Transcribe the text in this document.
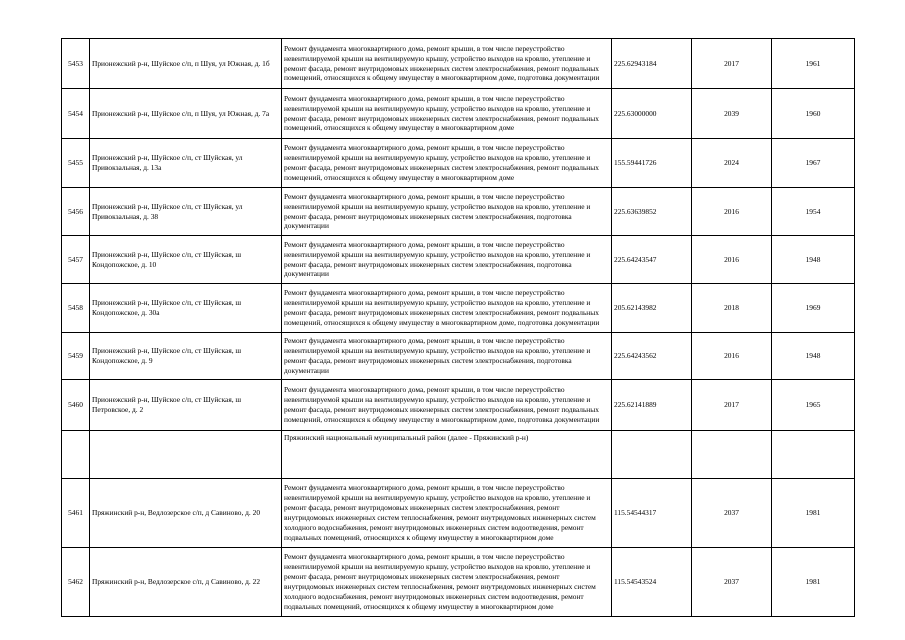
5453	Прионежский р-н, Шуйское с/п, п Шуя, ул Южная, д. 1б	Ремонт фундамента многоквартирного дома, ремонт крыши, в том числе переустройство невентилируемой крыши на вентилируемую крышу, устройство выходов на кровлю, утепление и ремонт фасада, ремонт внутридомовых инженерных систем электроснабжения, ремонт подвальных помещений, относящихся к общему имуществу в многоквартирном доме, подготовка документации	225.62943184	2017	1961
5454	Прионежский р-н, Шуйское с/п, п Шуя, ул Южная, д. 7а	Ремонт фундамента многоквартирного дома, ремонт крыши, в том числе переустройство невентилируемой крыши на вентилируемую крышу, устройство выходов на кровлю, утепление и ремонт фасада, ремонт внутридомовых инженерных систем электроснабжения, ремонт подвальных помещений, относящихся к общему имуществу в многоквартирном доме	225.63000000	2039	1960
5455	Прионежский р-н, Шуйское с/п, ст Шуйская, ул Привокзальная, д. 13а	Ремонт фундамента многоквартирного дома, ремонт крыши, в том числе переустройство невентилируемой крыши на вентилируемую крышу, устройство выходов на кровлю, утепление и ремонт фасада, ремонт внутридомовых инженерных систем электроснабжения, ремонт подвальных помещений, относящихся к общему имуществу в многоквартирном доме	155.59441726	2024	1967
5456	Прионежский р-н, Шуйское с/п, ст Шуйская, ул Привокзальная, д. 38	Ремонт фундамента многоквартирного дома, ремонт крыши, в том числе переустройство невентилируемой крыши на вентилируемую крышу, устройство выходов на кровлю, утепление и ремонт фасада, ремонт внутридомовых инженерных систем электроснабжения, подготовка документации	225.63639852	2016	1954
5457	Прионежский р-н, Шуйское с/п, ст Шуйская, ш Кондопожское, д. 10	Ремонт фундамента многоквартирного дома, ремонт крыши, в том числе переустройство невентилируемой крыши на вентилируемую крышу, устройство выходов на кровлю, утепление и ремонт фасада, ремонт внутридомовых инженерных систем электроснабжения, подготовка документации	225.64243547	2016	1948
5458	Прионежский р-н, Шуйское с/п, ст Шуйская, ш Кондопожское, д. 30а	Ремонт фундамента многоквартирного дома, ремонт крыши, в том числе переустройство невентилируемой крыши на вентилируемую крышу, устройство выходов на кровлю, утепление и ремонт фасада, ремонт внутридомовых инженерных систем электроснабжения, ремонт подвальных помещений, относящихся к общему имуществу в многоквартирном доме, подготовка документации	205.62143982	2018	1969
5459	Прионежский р-н, Шуйское с/п, ст Шуйская, ш Кондопожское, д. 9	Ремонт фундамента многоквартирного дома, ремонт крыши, в том числе переустройство невентилируемой крыши на вентилируемую крышу, устройство выходов на кровлю, утепление и ремонт фасада, ремонт внутридомовых инженерных систем электроснабжения, подготовка документации	225.64243562	2016	1948
5460	Прионежский р-н, Шуйское с/п, ст Шуйская, ш Петровское, д. 2	Ремонт фундамента многоквартирного дома, ремонт крыши, в том числе переустройство невентилируемой крыши на вентилируемую крышу, устройство выходов на кровлю, утепление и ремонт фасада, ремонт внутридомовых инженерных систем электроснабжения, ремонт подвальных помещений, относящихся к общему имуществу в многоквартирном доме, подготовка документации	225.62141889	2017	1965
		Пряжинский национальный муниципальный район (далее - Пряжинский р-н)			
5461	Пряжинский р-н, Ведлозерское с/п, д Савиново, д. 20	Ремонт фундамента многоквартирного дома, ремонт крыши, в том числе переустройство невентилируемой крыши на вентилируемую крышу, устройство выходов на кровлю, утепление и ремонт фасада, ремонт внутридомовых инженерных систем электроснабжения, ремонт внутридомовых инженерных систем теплоснабжения, ремонт внутридомовых инженерных систем холодного водоснабжения, ремонт внутридомовых инженерных систем водоотведения, ремонт подвальных помещений, относящихся к общему имуществу в многоквартирном доме	115.54544317	2037	1981
5462	Пряжинский р-н, Ведлозерское с/п, д Савиново, д. 22	Ремонт фундамента многоквартирного дома, ремонт крыши, в том числе переустройство невентилируемой крыши на вентилируемую крышу, устройство выходов на кровлю, утепление и ремонт фасада, ремонт внутридомовых инженерных систем электроснабжения, ремонт внутридомовых инженерных систем теплоснабжения, ремонт внутридомовых инженерных систем холодного водоснабжения, ремонт внутридомовых инженерных систем водоотведения, ремонт подвальных помещений, относящихся к общему имуществу в многоквартирном доме	115.54543524	2037	1981
